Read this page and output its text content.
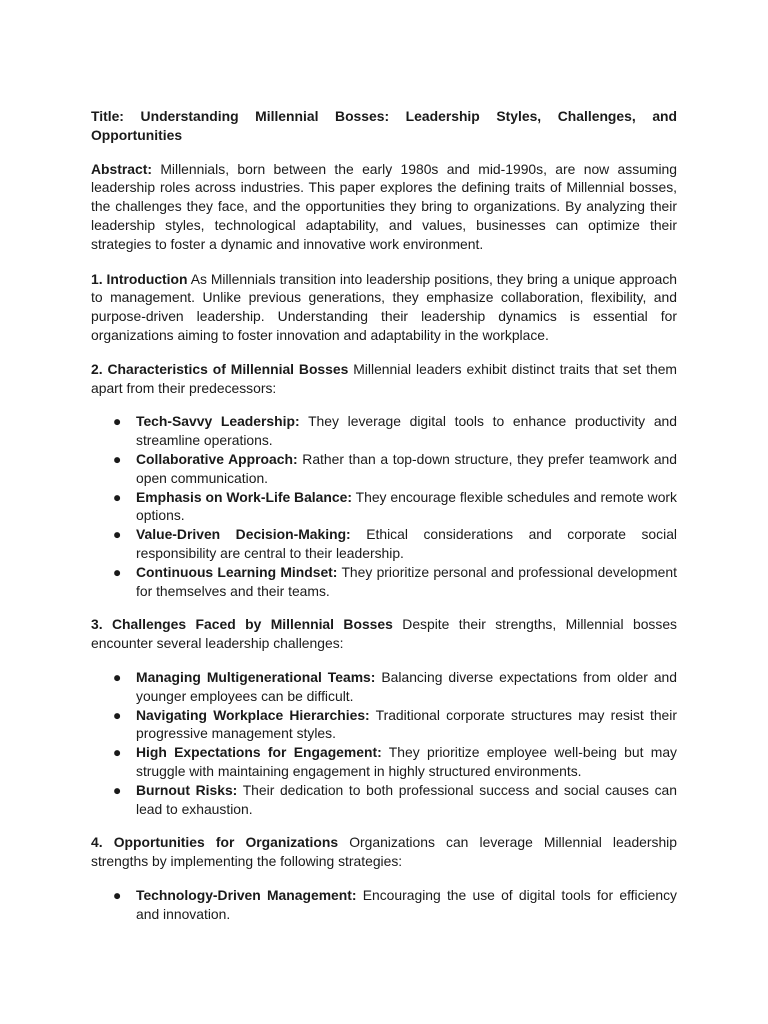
Title: Understanding Millennial Bosses: Leadership Styles, Challenges, and Opportunities

Abstract: Millennials, born between the early 1980s and mid-1990s, are now assuming leadership roles across industries. This paper explores the defining traits of Millennial bosses, the challenges they face, and the opportunities they bring to organizations. By analyzing their leadership styles, technological adaptability, and values, businesses can optimize their strategies to foster a dynamic and innovative work environment.

1. Introduction As Millennials transition into leadership positions, they bring a unique approach to management. Unlike previous generations, they emphasize collaboration, flexibility, and purpose-driven leadership. Understanding their leadership dynamics is essential for organizations aiming to foster innovation and adaptability in the workplace.

2. Characteristics of Millennial Bosses Millennial leaders exhibit distinct traits that set them apart from their predecessors:

● Tech-Savvy Leadership: They leverage digital tools to enhance productivity and streamline operations.
● Collaborative Approach: Rather than a top-down structure, they prefer teamwork and open communication.
● Emphasis on Work-Life Balance: They encourage flexible schedules and remote work options.
● Value-Driven Decision-Making: Ethical considerations and corporate social responsibility are central to their leadership.
● Continuous Learning Mindset: They prioritize personal and professional development for themselves and their teams.

3. Challenges Faced by Millennial Bosses Despite their strengths, Millennial bosses encounter several leadership challenges:

● Managing Multigenerational Teams: Balancing diverse expectations from older and younger employees can be difficult.
● Navigating Workplace Hierarchies: Traditional corporate structures may resist their progressive management styles.
● High Expectations for Engagement: They prioritize employee well-being but may struggle with maintaining engagement in highly structured environments.
● Burnout Risks: Their dedication to both professional success and social causes can lead to exhaustion.

4. Opportunities for Organizations Organizations can leverage Millennial leadership strengths by implementing the following strategies:

● Technology-Driven Management: Encouraging the use of digital tools for efficiency and innovation.
